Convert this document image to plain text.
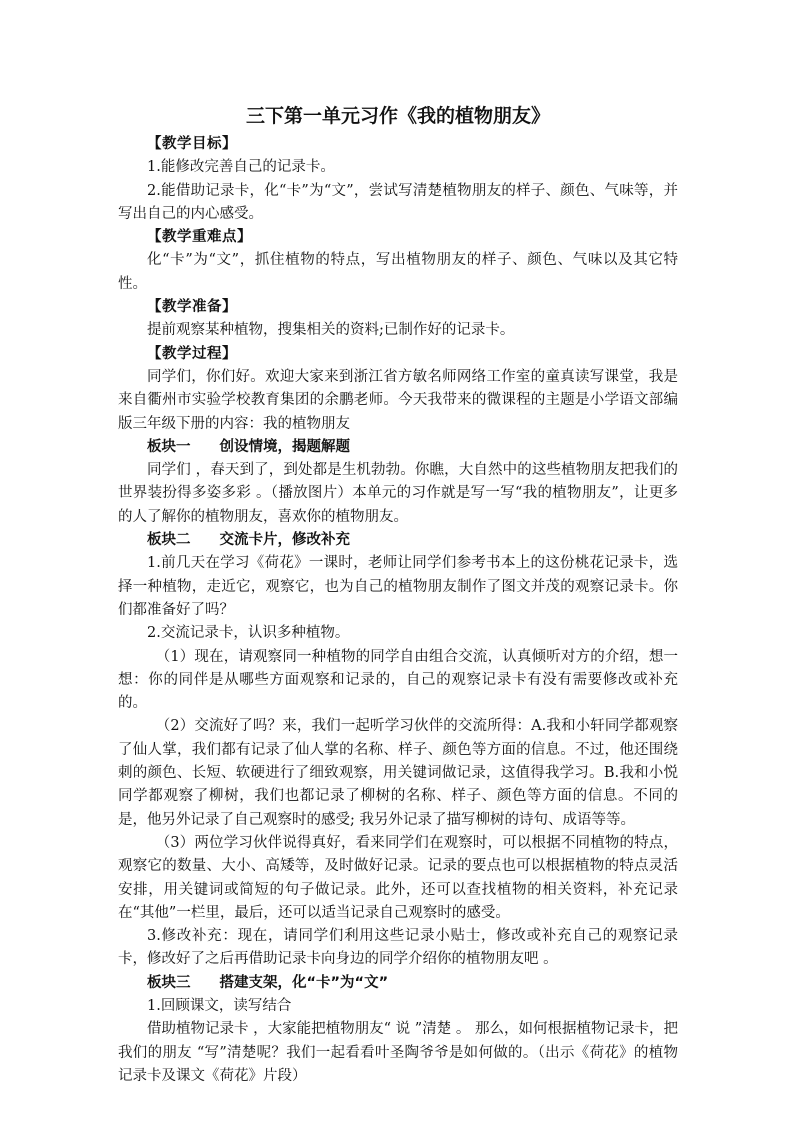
三下第一单元习作《我的植物朋友》

【教学目标】

1.能修改完善自己的记录卡。

2.能借助记录卡，化“卡”为“文”，尝试写清楚植物朋友的样子、颜色、气味等，并写出自己的内心感受。

【教学重难点】

化“卡”为“文”，抓住植物的特点，写出植物朋友的样子、颜色、气味以及其它特性。

【教学准备】

提前观察某种植物，搜集相关的资料;已制作好的记录卡。

【教学过程】

同学们，你们好。欢迎大家来到浙江省方敏名师网络工作室的童真读写课堂，我是来自衢州市实验学校教育集团的余鹏老师。今天我带来的微课程的主题是小学语文部编版三年级下册的内容：我的植物朋友

板块一　　创设情境，揭题解题

同学们 ，春天到了，到处都是生机勃勃。你瞧，大自然中的这些植物朋友把我们的世界装扮得多姿多彩 。（播放图片）本单元的习作就是写一写“我的植物朋友”，让更多的人了解你的植物朋友，喜欢你的植物朋友。

板块二　　交流卡片，修改补充

1.前几天在学习《荷花》一课时，老师让同学们参考书本上的这份桃花记录卡，选择一种植物，走近它，观察它，也为自己的植物朋友制作了图文并茂的观察记录卡。你们都准备好了吗？

2.交流记录卡，认识多种植物。

（1）现在，请观察同一种植物的同学自由组合交流，认真倾听对方的介绍，想一想：你的同伴是从哪些方面观察和记录的，自己的观察记录卡有没有需要修改或补充的。

（2）交流好了吗？来，我们一起听学习伙伴的交流所得：A.我和小轩同学都观察了仙人掌，我们都有记录了仙人掌的名称、样子、颜色等方面的信息。不过，他还围绕刺的颜色、长短、软硬进行了细致观察，用关键词做记录，这值得我学习。B.我和小悦同学都观察了柳树，我们也都记录了柳树的名称、样子、颜色等方面的信息。不同的是，他另外记录了自己观察时的感受; 我另外记录了描写柳树的诗句、成语等等。

（3）两位学习伙伴说得真好，看来同学们在观察时，可以根据不同植物的特点，观察它的数量、大小、高矮等，及时做好记录。记录的要点也可以根据植物的特点灵活安排，用关键词或简短的句子做记录。此外，还可以查找植物的相关资料，补充记录在“其他”一栏里，最后，还可以适当记录自己观察时的感受。

3.修改补充：现在，请同学们利用这些记录小贴士，修改或补充自己的观察记录卡，修改好了之后再借助记录卡向身边的同学介绍你的植物朋友吧 。

板块三　　搭建支架，化“卡”为“文”

1.回顾课文，读写结合

借助植物记录卡 ，大家能把植物朋友“ 说 ”清楚 。 那么，如何根据植物记录卡，把我们的朋友 “写”清楚呢？我们一起看看叶圣陶爷爷是如何做的。（出示《荷花》的植物记录卡及课文《荷花》片段）
